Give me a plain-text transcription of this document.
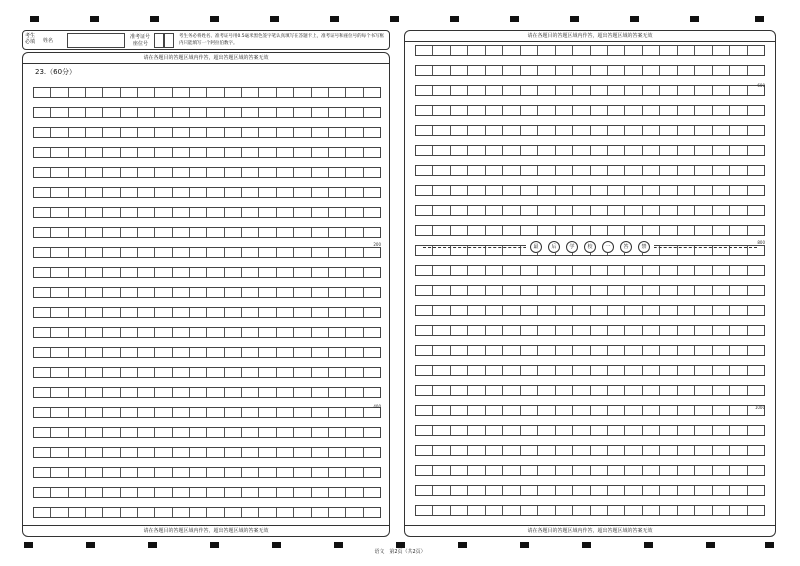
考生
必填	姓名
准考证号
座位号
考生务必将姓名、准考证号用0.5毫米黑色签字笔认真填写在答题卡上，准考证号和座位号的每个书写框内只能填写一个阿拉伯数字。
请在各题目的答题区域内作答，超出答题区域的答案无效
23.（60分）
200
400
请在各题目的答题区域内作答，超出答题区域的答案无效
请在各题目的答题区域内作答，超出答题区域的答案无效
600
800
1000
最	后	学	校	一	答	禁
请在各题目的答题区域内作答，超出答题区域的答案无效
语文　第2页（共2页）
